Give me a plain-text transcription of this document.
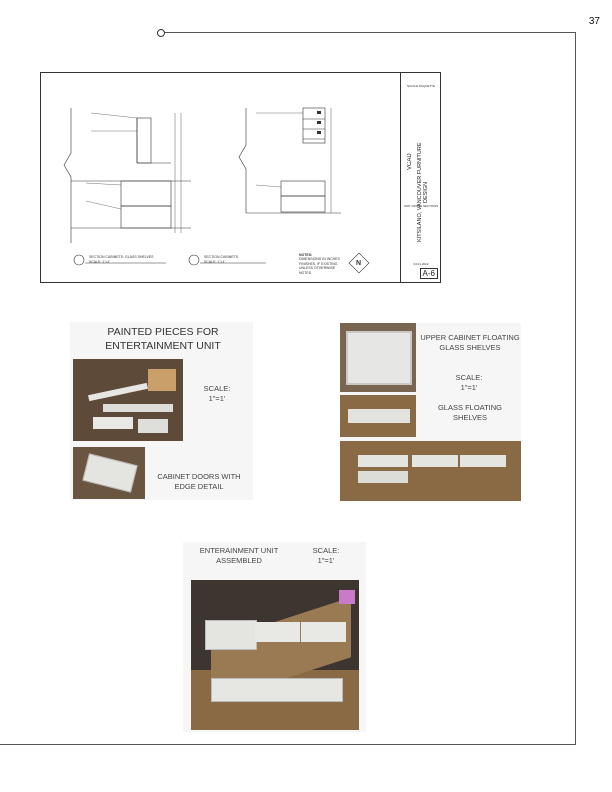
37
SECTION CABINETS: GLASS SHELVES
SCALE: 1"=1'
SECTION CABINETS
SCALE: 1"=1'
NOTES:
DIMENSIONS IN INCHES FINISHES, IF EXISTING UNLESS OTHERWISE NOTED
N
NICOLE PAQUETTE
VCAD KITSILANO, VANCOUVER FURNITURE DESIGN
UNIT CROSS SECTIONS
04.01.2022
A-6
PAINTED PIECES FOR ENTERTAINMENT UNIT
SCALE:
1"=1'
CABINET DOORS WITH EDGE DETAIL
UPPER CABINET FLOATING GLASS SHELVES
SCALE:
1"=1'
GLASS FLOATING SHELVES
ENTERAINMENT UNIT ASSEMBLED
SCALE:
1"=1'
